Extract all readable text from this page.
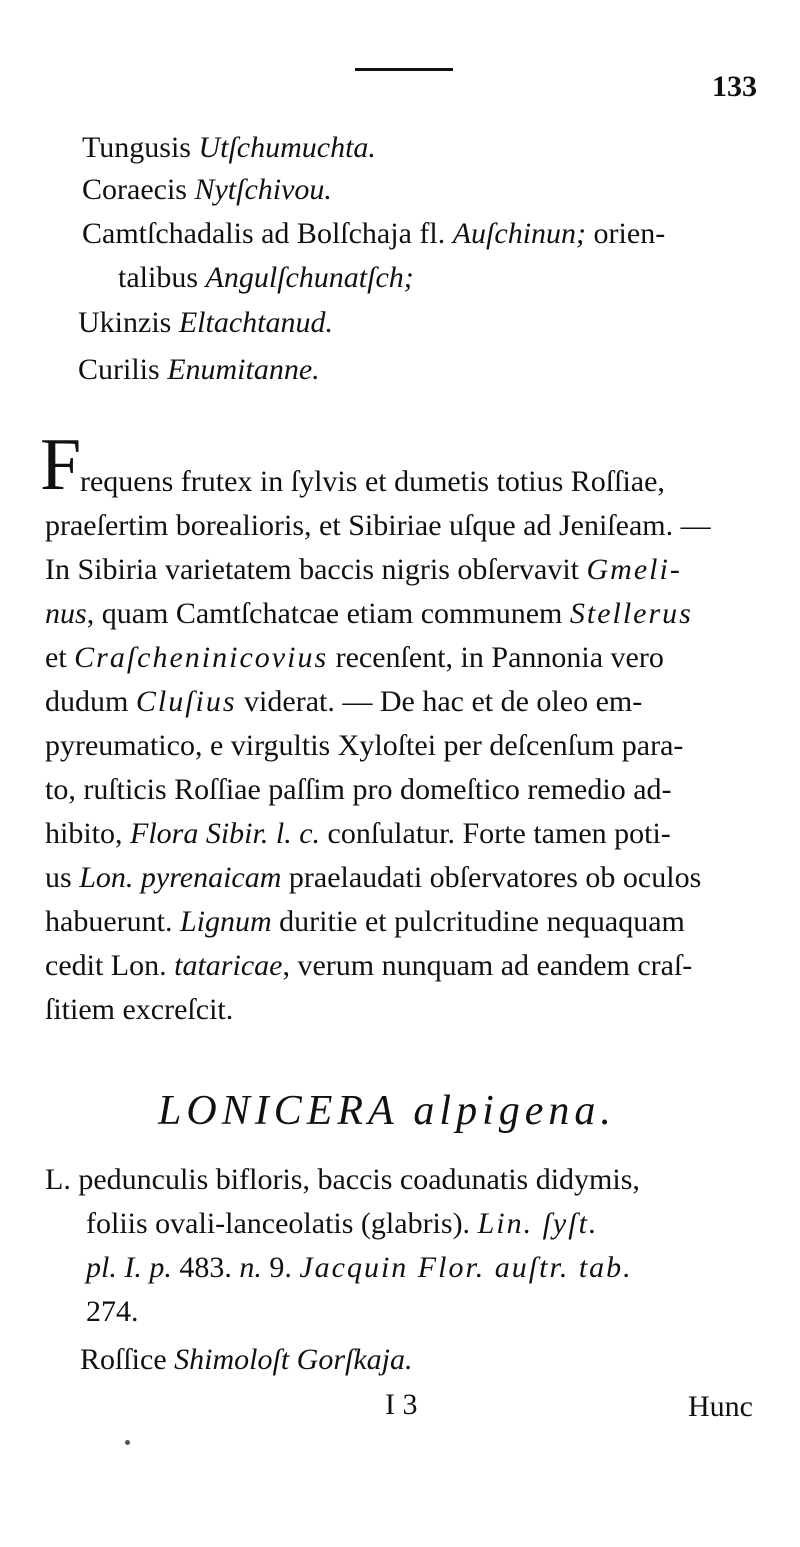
133
Tungusis Utſchumuchta.
Coraecis Nytſchivou.
Camtſchadalis ad Bolſchaja fl. Auſchinun; orien-
talibus Angulſchunatſch;
Ukinzis Eltachtanud.
Curilis Enumitanne.
F
requens frutex in ſylvis et dumetis totius Roſſiae,
praeſertim borealioris, et Sibiriae uſque ad Jeniſeam. —
In Sibiria varietatem baccis nigris obſervavit Gmeli-
nus, quam Camtſchatcae etiam communem Stellerus
et Craſcheninicovius recenſent, in Pannonia vero
dudum Cluſius viderat. — De hac et de oleo em-
pyreumatico, e virgultis Xyloſtei per deſcenſum para-
to, ruſticis Roſſiae paſſim pro domeſtico remedio ad-
hibito, Flora Sibir. l. c. conſulatur. Forte tamen poti-
us Lon. pyrenaicam praelaudati obſervatores ob oculos
habuerunt. Lignum duritie et pulcritudine nequaquam
cedit Lon. tataricae, verum nunquam ad eandem craſ-
ſitiem excreſcit.
LONICERA alpigena.
L. pedunculis bifloris, baccis coadunatis didymis,
foliis ovali-lanceolatis (glabris). Lin. ſyſt.
pl. I. p. 483. n. 9. Jacquin Flor. auſtr. tab.
274.
Roſſice Shimoloſt Gorſkaja.
I 3	Hunc
